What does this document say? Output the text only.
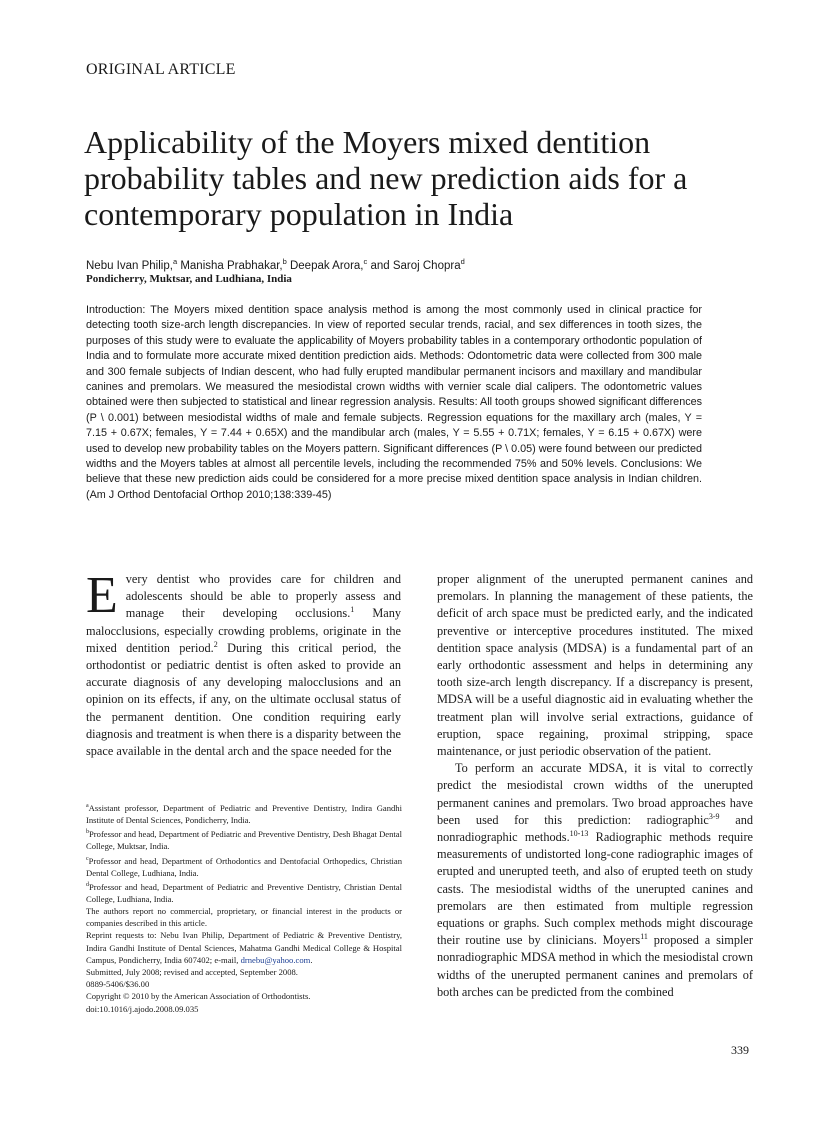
ORIGINAL ARTICLE
Applicability of the Moyers mixed dentition probability tables and new prediction aids for a contemporary population in India
Nebu Ivan Philip,$^a$ Manisha Prabhakar,$^b$ Deepak Arora,$^c$ and Saroj Chopra$^d$
Pondicherry, Muktsar, and Ludhiana, India

Introduction: The Moyers mixed dentition space analysis method is among the most commonly used in clinical practice for detecting tooth size-arch length discrepancies. In view of reported secular trends, racial, and sex differences in tooth sizes, the purposes of this study were to evaluate the applicability of Moyers probability tables in a contemporary orthodontic population of India and to formulate more accurate mixed dentition prediction aids. Methods: Odontometric data were collected from 300 male and 300 female subjects of Indian descent, who had fully erupted mandibular permanent incisors and maxillary and mandibular canines and premolars. We measured the mesiodistal crown widths with vernier scale dial calipers. The odontometric values obtained were then subjected to statistical and linear regression analysis. Results: All tooth groups showed significant differences (P \ 0.001) between mesiodistal widths of male and female subjects. Regression equations for the maxillary arch (males, Y = 7.15 + 0.67X; females, Y = 7.44 + 0.65X) and the mandibular arch (males, Y = 5.55 + 0.71X; females, Y = 6.15 + 0.67X) were used to develop new probability tables on the Moyers pattern. Significant differences (P \ 0.05) were found between our predicted widths and the Moyers tables at almost all percentile levels, including the recommended 75% and 50% levels. Conclusions: We believe that these new prediction aids could be considered for a more precise mixed dentition space analysis in Indian children. (Am J Orthod Dentofacial Orthop 2010;138:339-45)

Every dentist who provides care for children and adolescents should be able to properly assess and manage their developing occlusions.$^1$ Many malocclusions, especially crowding problems, originate in the mixed dentition period.$^2$ During this critical period, the orthodontist or pediatric dentist is often asked to provide an accurate diagnosis of any developing malocclusions and an opinion on its effects, if any, on the ultimate occlusal status of the permanent dentition. One condition requiring early diagnosis and treatment is when there is a disparity between the space available in the dental arch and the space needed for the

proper alignment of the unerupted permanent canines and premolars. In planning the management of these patients, the deficit of arch space must be predicted early, and the indicated preventive or interceptive procedures instituted. The mixed dentition space analysis (MDSA) is a fundamental part of an early orthodontic assessment and helps in determining any tooth size-arch length discrepancy. If a discrepancy is present, MDSA will be a useful diagnostic aid in evaluating whether the treatment plan will involve serial extractions, guidance of eruption, space regaining, proximal stripping, space maintenance, or just periodic observation of the patient.

To perform an accurate MDSA, it is vital to correctly predict the mesiodistal crown widths of the unerupted permanent canines and premolars. Two broad approaches have been used for this prediction: radiographic$^{3-9}$ and nonradiographic methods.$^{10-13}$ Radiographic methods require measurements of undistorted long-cone radiographic images of erupted and unerupted teeth, and also of erupted teeth on study casts. The mesiodistal widths of the unerupted canines and premolars are then estimated from multiple regression equations or graphs. Such complex methods might discourage their routine use by clinicians. Moyers$^{11}$ proposed a simpler nonradiographic MDSA method in which the mesiodistal crown widths of the unerupted permanent canines and premolars of both arches can be predicted from the combined

$^a$Assistant professor, Department of Pediatric and Preventive Dentistry, Indira Gandhi Institute of Dental Sciences, Pondicherry, India.
$^b$Professor and head, Department of Pediatric and Preventive Dentistry, Desh Bhagat Dental College, Muktsar, India.
$^c$Professor and head, Department of Orthodontics and Dentofacial Orthopedics, Christian Dental College, Ludhiana, India.
$^d$Professor and head, Department of Pediatric and Preventive Dentistry, Christian Dental College, Ludhiana, India.
The authors report no commercial, proprietary, or financial interest in the products or companies described in this article.
Reprint requests to: Nebu Ivan Philip, Department of Pediatric & Preventive Dentistry, Indira Gandhi Institute of Dental Sciences, Mahatma Gandhi Medical College & Hospital Campus, Pondicherry, India 607402; e-mail, drnebu@yahoo.com.
Submitted, July 2008; revised and accepted, September 2008.
0889-5406/$36.00
Copyright © 2010 by the American Association of Orthodontists.
doi:10.1016/j.ajodo.2008.09.035
339
